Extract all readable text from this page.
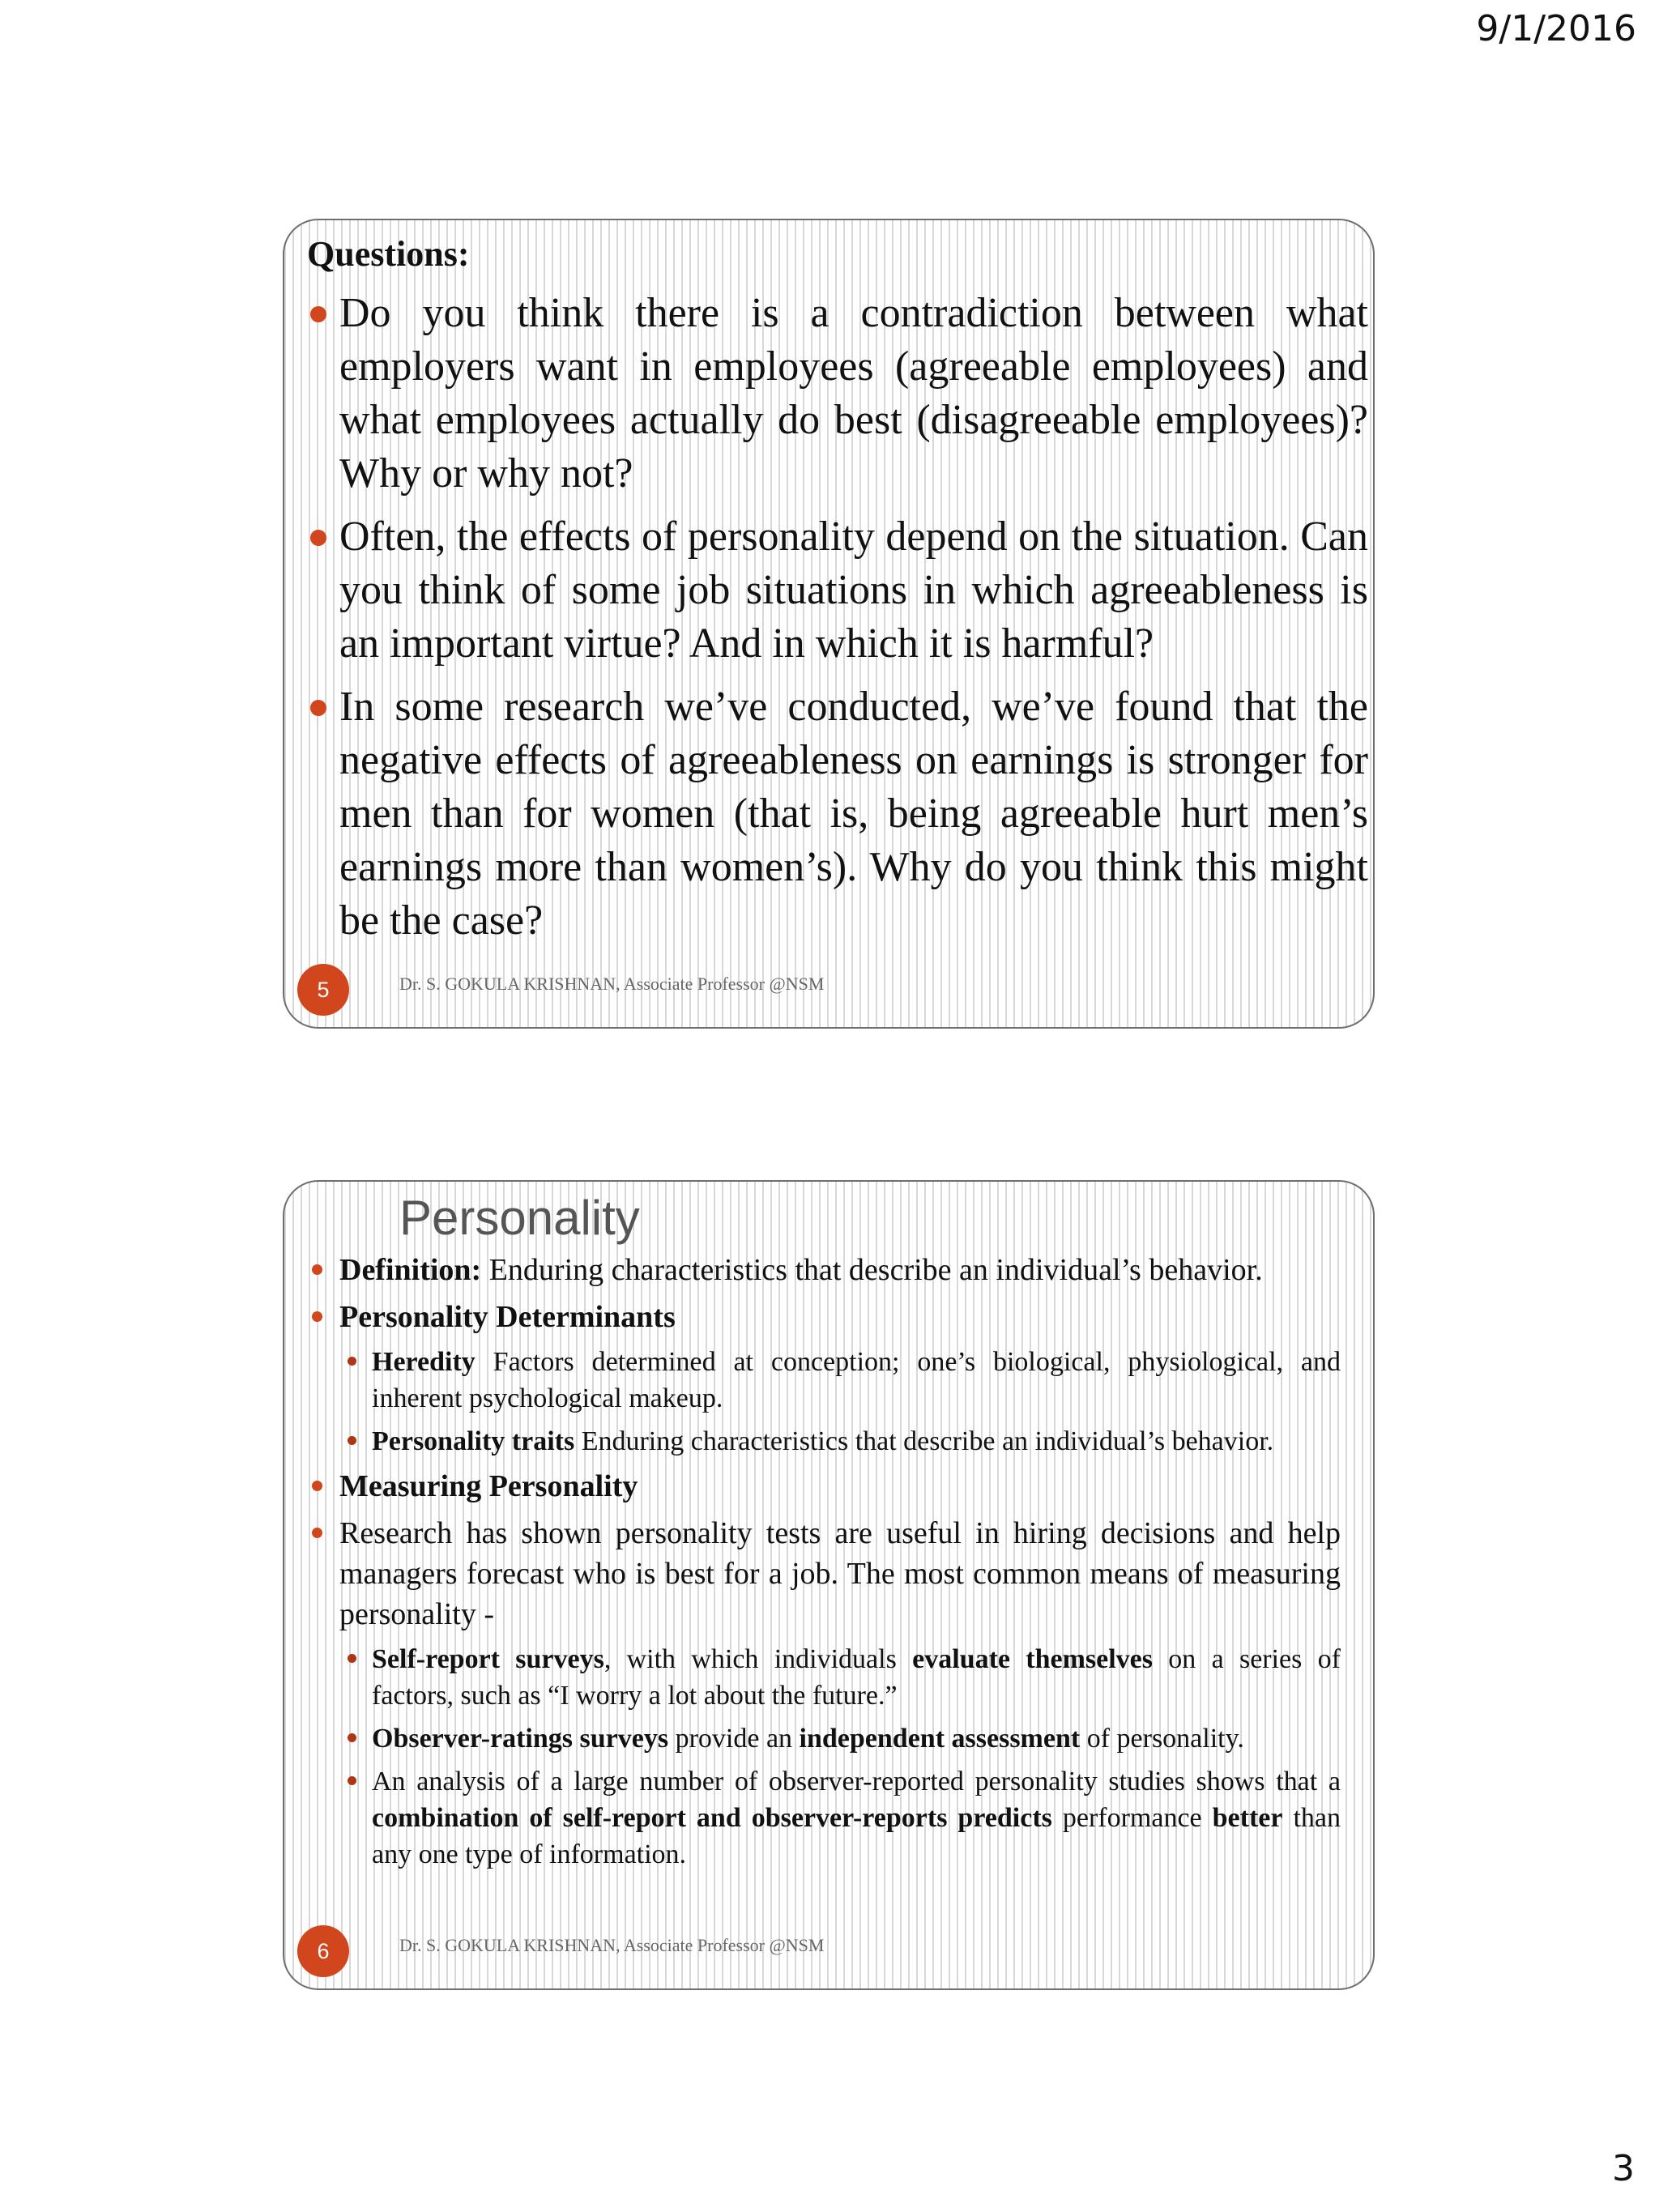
9/1/2016
Questions:
Do you think there is a contradiction between what employers want in employees (agreeable employees) and what employees actually do best (disagreeable employees)? Why or why not?
Often, the effects of personality depend on the situation. Can you think of some job situations in which agreeableness is an important virtue? And in which it is harmful?
In some research we’ve conducted, we’ve found that the negative effects of agreeableness on earnings is stronger for men than for women (that is, being agreeable hurt men’s earnings more than women’s). Why do you think this might be the case?
5	Dr. S. GOKULA KRISHNAN, Associate Professor @NSM
Personality
Definition: Enduring characteristics that describe an individual’s behavior.
Personality Determinants
Heredity Factors determined at conception; one’s biological, physiological, and inherent psychological makeup.
Personality traits Enduring characteristics that describe an individual’s behavior.
Measuring Personality
Research has shown personality tests are useful in hiring decisions and help managers forecast who is best for a job. The most common means of measuring personality -
Self-report surveys, with which individuals evaluate themselves on a series of factors, such as “I worry a lot about the future.”
Observer-ratings surveys provide an independent assessment of personality.
An analysis of a large number of observer-reported personality studies shows that a combination of self-report and observer-reports predicts performance better than any one type of information.
6	Dr. S. GOKULA KRISHNAN, Associate Professor @NSM
3
